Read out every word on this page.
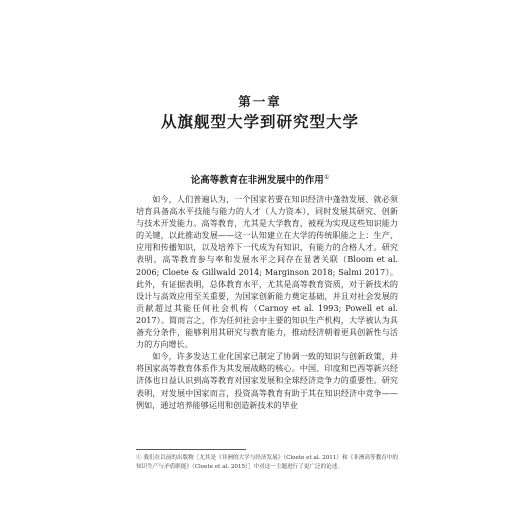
第一章
从旗舰型大学到研究型大学
论高等教育在非洲发展中的作用①

如今，人们普遍认为，一个国家若要在知识经济中蓬勃发展、就必须培育具备高水平技能与能力的人才（人力资本），同时发展其研究、创新与技术开发能力。高等教育，尤其是大学教育，被视为实现这些知识能力的关键，以此推动发展——这一认知建立在大学的传统职能之上：生产、应用和传播知识，以及培养下一代成为有知识、有能力的合格人才。研究表明，高等教育参与率和发展水平之间存在显著关联（Bloom et al. 2006; Cloete & Gillwald 2014; Marginson 2018; Salmi 2017）。此外，有证据表明，总体教育水平，尤其是高等教育资质，对于新技术的设计与高效应用至关重要，为国家创新能力奠定基础，并且对社会发展的贡献超过其能任何社会机构（Carnoy et al. 1993; Powell et al. 2017）。简而言之，作为任何社会中主要的知识生产机构，大学被认为具备充分条件，能够利用其研究与教育能力，推动经济朝着更具创新性与活力的方向增长。

如今，许多发达工业化国家已制定了协调一致的知识与创新政策，并将国家高等教育体系作为其发展战略的核心。中国、印度和巴西等新兴经济体也日益认识到高等教育对国家发展和全球经济竞争力的重要性。研究表明，对发展中国家而言，投资高等教育有助于其在知识经济中竞争——例如，通过培养能够运用和创造新技术的毕业

① 我们在以前的出版物［尤其是《非洲的大学与经济发展》（Cloete et al. 2011）和《非洲高等教育中的知识生产与矛盾职能》（Cloete et al. 2015）］中对这一主题进行了更广泛的论述。
